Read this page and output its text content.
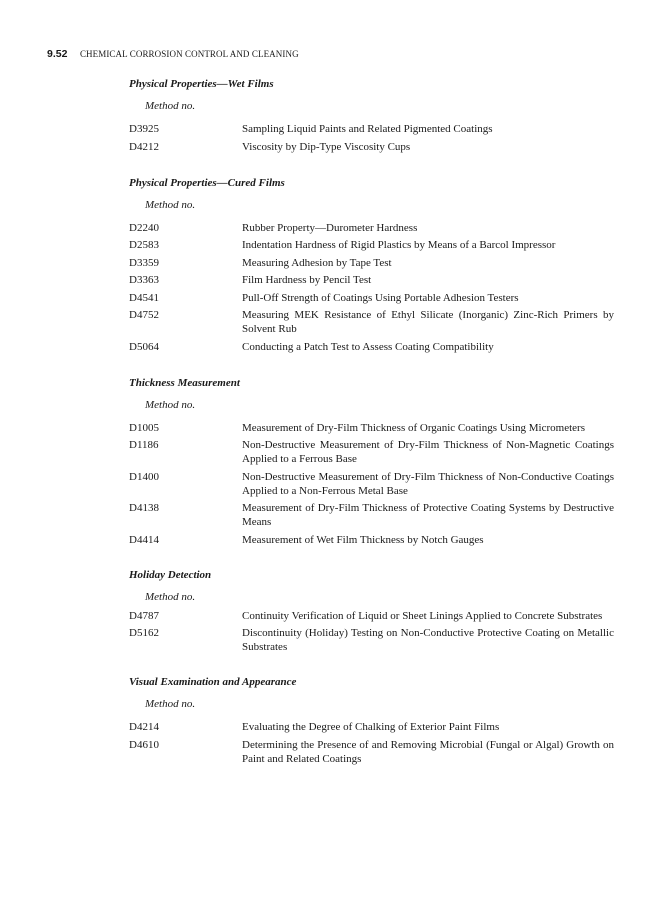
9.52 CHEMICAL CORROSION CONTROL AND CLEANING
Physical Properties—Wet Films
Method no.
D3925	Sampling Liquid Paints and Related Pigmented Coatings
D4212	Viscosity by Dip-Type Viscosity Cups
Physical Properties—Cured Films
Method no.
D2240	Rubber Property—Durometer Hardness
D2583	Indentation Hardness of Rigid Plastics by Means of a Barcol Impressor
D3359	Measuring Adhesion by Tape Test
D3363	Film Hardness by Pencil Test
D4541	Pull-Off Strength of Coatings Using Portable Adhesion Testers
D4752	Measuring MEK Resistance of Ethyl Silicate (Inorganic) Zinc-Rich Primers by Solvent Rub
D5064	Conducting a Patch Test to Assess Coating Compatibility
Thickness Measurement
Method no.
D1005	Measurement of Dry-Film Thickness of Organic Coatings Using Micrometers
D1186	Non-Destructive Measurement of Dry-Film Thickness of Non-Magnetic Coatings Applied to a Ferrous Base
D1400	Non-Destructive Measurement of Dry-Film Thickness of Non-Conductive Coatings Applied to a Non-Ferrous Metal Base
D4138	Measurement of Dry-Film Thickness of Protective Coating Systems by Destructive Means
D4414	Measurement of Wet Film Thickness by Notch Gauges
Holiday Detection
Method no.
D4787	Continuity Verification of Liquid or Sheet Linings Applied to Concrete Substrates
D5162	Discontinuity (Holiday) Testing on Non-Conductive Protective Coating on Metallic Substrates
Visual Examination and Appearance
Method no.
D4214	Evaluating the Degree of Chalking of Exterior Paint Films
D4610	Determining the Presence of and Removing Microbial (Fungal or Algal) Growth on Paint and Related Coatings
